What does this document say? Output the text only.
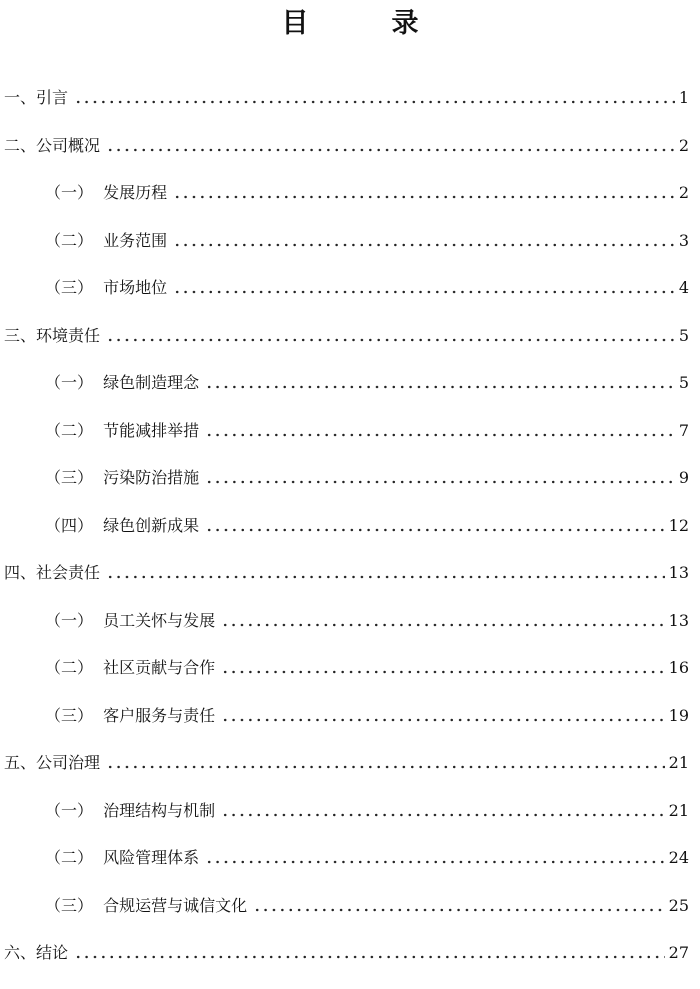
目　录
一、引言	1
二、公司概况	2
（一）  发展历程	2
（二）  业务范围	3
（三）  市场地位	4
三、环境责任	5
（一）  绿色制造理念	5
（二）  节能减排举措	7
（三）  污染防治措施	9
（四）  绿色创新成果	12
四、社会责任	13
（一）  员工关怀与发展	13
（二）  社区贡献与合作	16
（三）  客户服务与责任	19
五、公司治理	21
（一）  治理结构与机制	21
（二）  风险管理体系	24
（三）  合规运营与诚信文化	25
六、结论	27
